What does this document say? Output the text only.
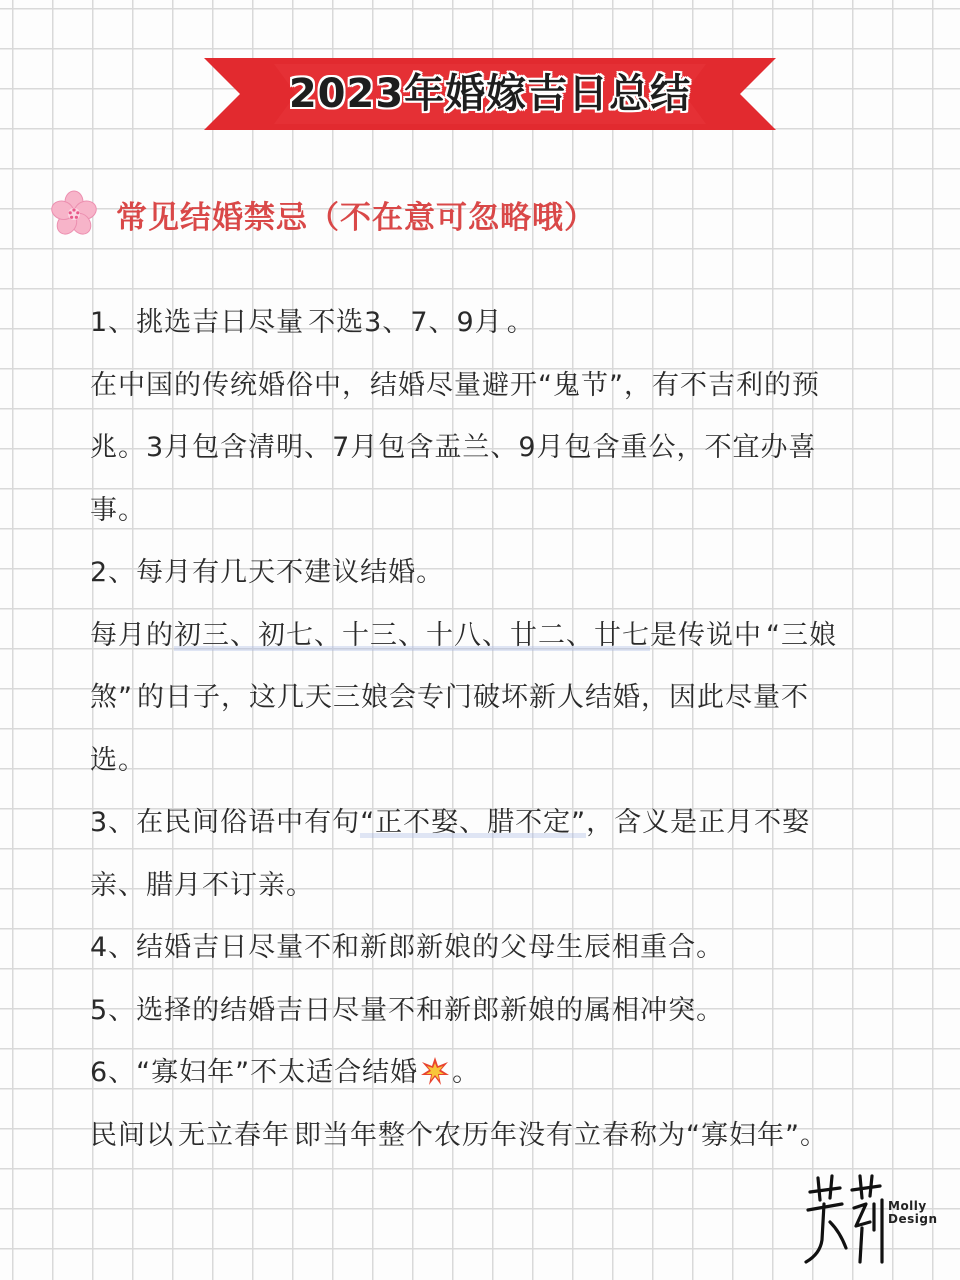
2023年婚嫁吉日总结
常见结婚禁忌（不在意可忽略哦）

1、挑选吉日尽量 不选3、7、9月 。

在中国的传统婚俗中，结婚尽量避开“鬼节”，有不吉利的预兆。3月包含清明、7月包含盂兰、9月包含重公，不宜办喜事。

2、每月有几天不建议结婚。

每月的初三、初七、十三、十八、廿二、廿七是传说中 “三娘煞” 的日子，这几天三娘会专门破坏新人结婚，因此尽量不选。

3、在民间俗语中有句“正不娶、腊不定”，含义是正月不娶亲、腊月不订亲。

4、结婚吉日尽量不和新郎新娘的父母生辰相重合。

5、选择的结婚吉日尽量不和新郎新娘的属相冲突。

6、“寡妇年”不太适合结婚 。

民间以 无立春年 即当年整个农历年没有立春称为“寡妇年”。

Molly
Design
